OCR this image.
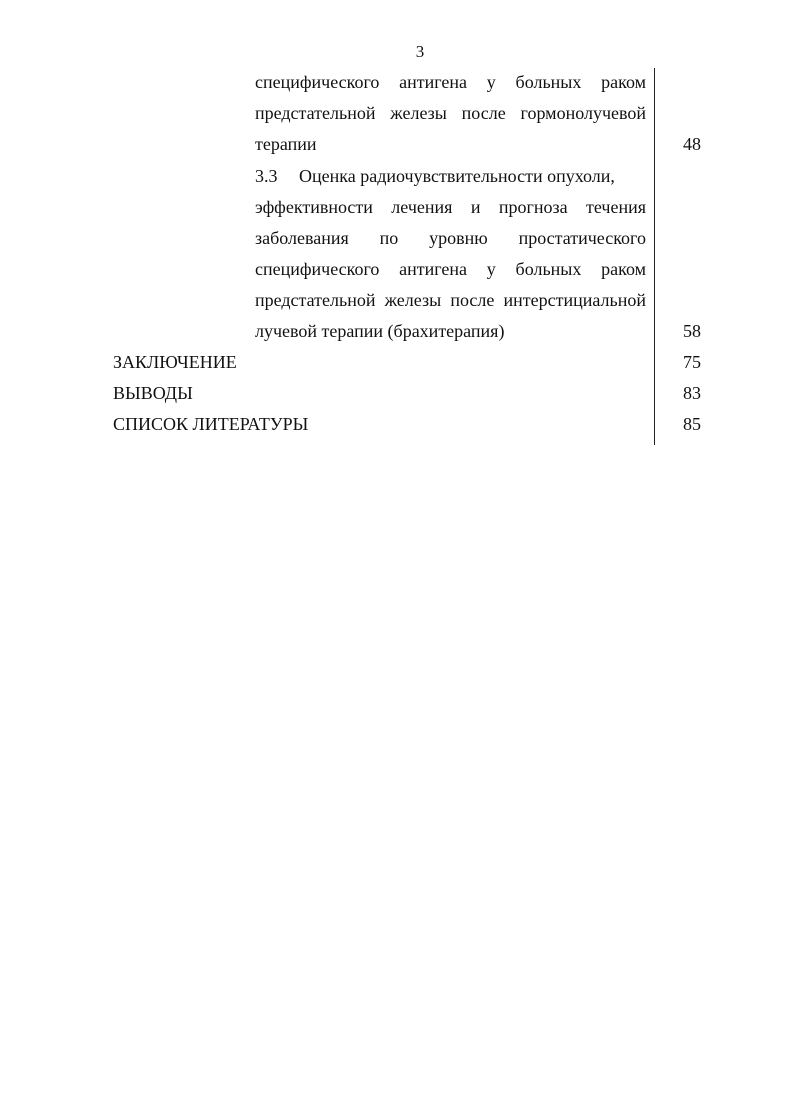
3
специфического антигена у больных раком
предстательной железы после гормонолучевой
терапии	48
3.3 Оценка радиочувствительности опухоли,
эффективности лечения и прогноза течения
заболевания по уровню простатического
специфического антигена у больных раком
предстательной железы после интерстициальной
лучевой терапии (брахитерапия)	58
ЗАКЛЮЧЕНИЕ	75
ВЫВОДЫ	83
СПИСОК ЛИТЕРАТУРЫ	85
